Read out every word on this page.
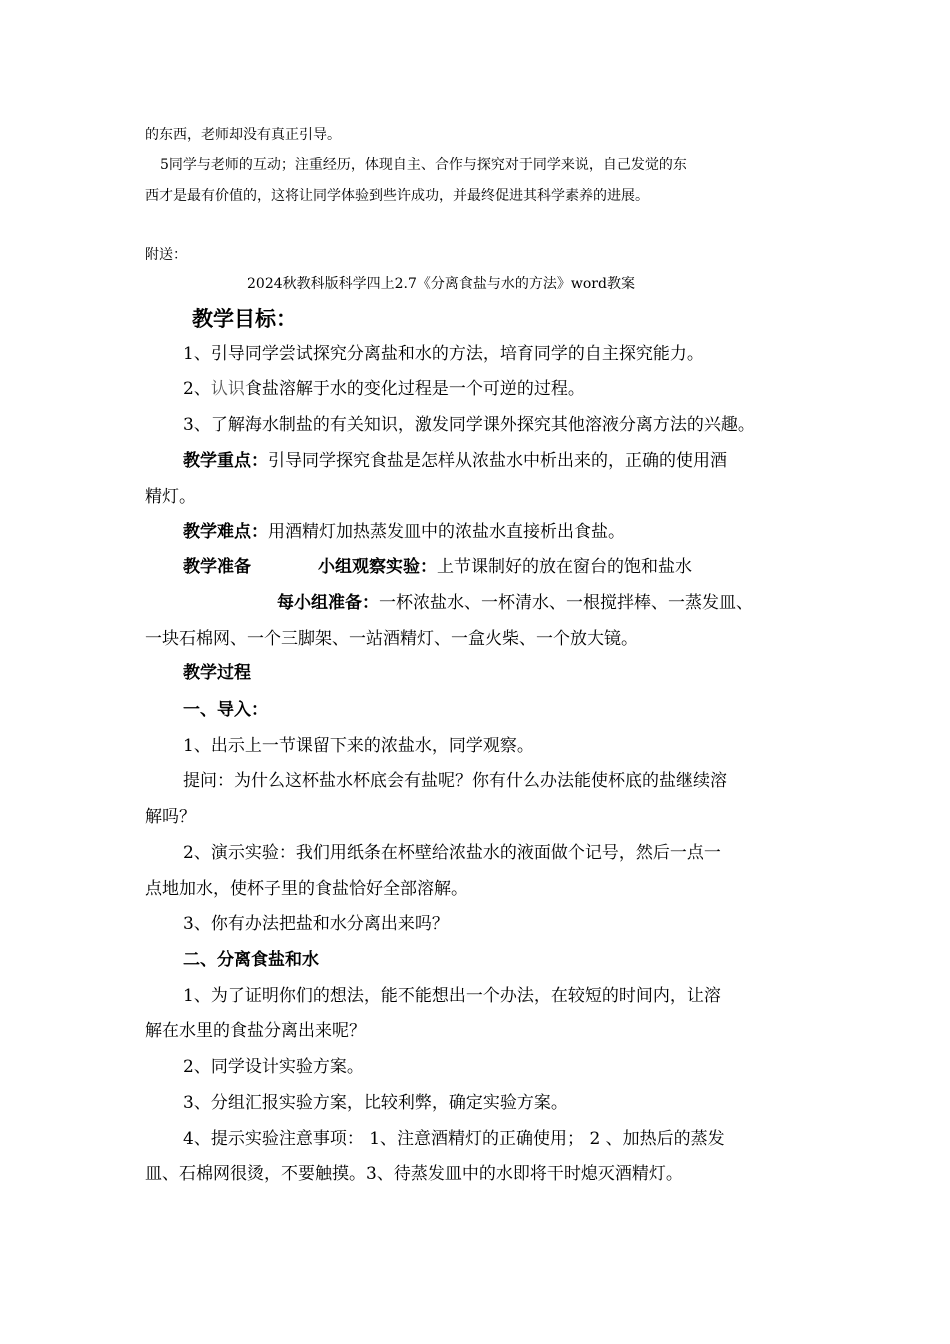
的东西，老师却没有真正引导。
5同学与老师的互动；注重经历，体现自主、合作与探究对于同学来说，自己发觉的东
西才是最有价值的，这将让同学体验到些许成功，并最终促进其科学素养的进展。
附送：
2024秋教科版科学四上2.7《分离食盐与水的方法》word教案
教学目标：
1、引导同学尝试探究分离盐和水的方法，培育同学的自主探究能力。
2、认识食盐溶解于水的变化过程是一个可逆的过程。
3、了解海水制盐的有关知识，激发同学课外探究其他溶液分离方法的兴趣。
教学重点：引导同学探究食盐是怎样从浓盐水中析出来的，正确的使用酒
精灯。
教学难点：用酒精灯加热蒸发皿中的浓盐水直接析出食盐。
教学准备	小组观察实验：上节课制好的放在窗台的饱和盐水
每小组准备：一杯浓盐水、一杯清水、一根搅拌棒、一蒸发皿、
一块石棉网、一个三脚架、一站酒精灯、一盒火柴、一个放大镜。
教学过程
一、导入：
1、出示上一节课留下来的浓盐水，同学观察。
提问：为什么这杯盐水杯底会有盐呢？你有什么办法能使杯底的盐继续溶
解吗？
2、演示实验：我们用纸条在杯壁给浓盐水的液面做个记号，然后一点一
点地加水，使杯子里的食盐恰好全部溶解。
3、你有办法把盐和水分离出来吗？
二、分离食盐和水
1、为了证明你们的想法，能不能想出一个办法，在较短的时间内，让溶
解在水里的食盐分离出来呢？
2、同学设计实验方案。
3、分组汇报实验方案，比较利弊，确定实验方案。
4、提示实验注意事项： 1、注意酒精灯的正确使用； 2 、加热后的蒸发
皿、石棉网很烫，不要触摸。3、待蒸发皿中的水即将干时熄灭酒精灯。
